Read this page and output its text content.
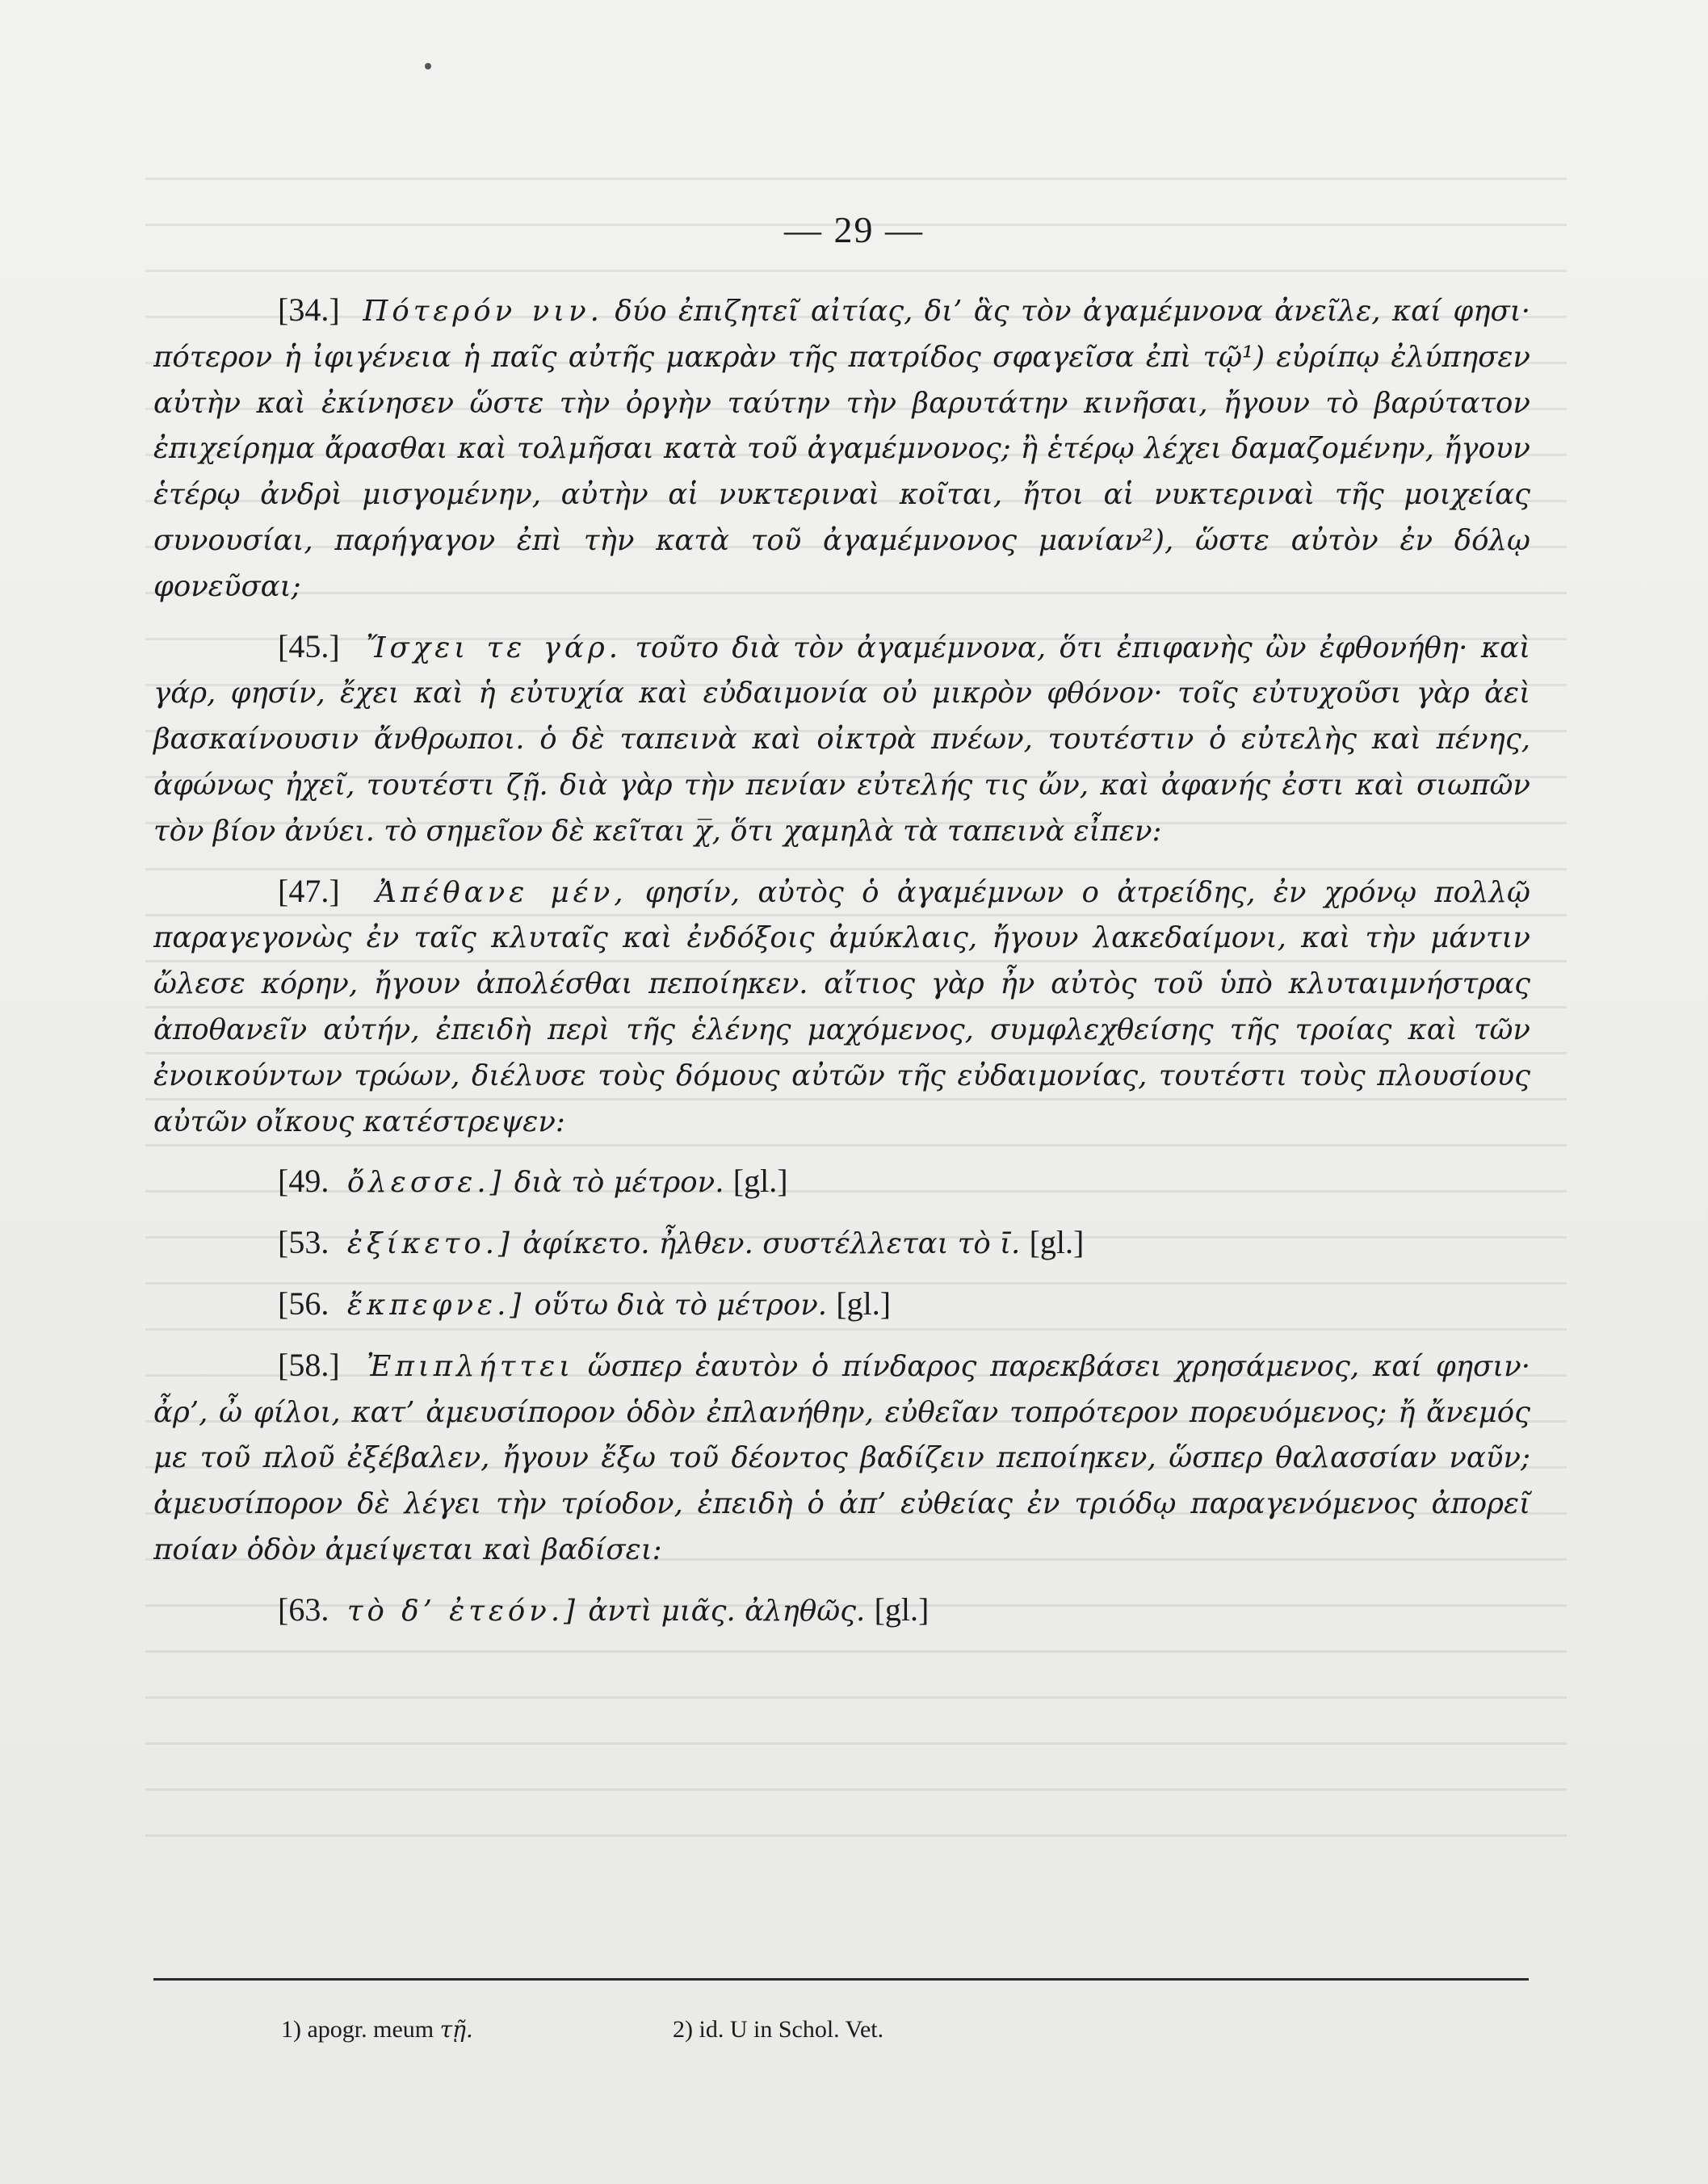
— 29 —

[34.] Πότερόν νιν. δύο ἐπιζητεῖ αἰτίας, δι’ ἃς τὸν ἀγαμέμνονα ἀνεῖλε, καί φησι· πότερον ἡ ἰφιγένεια ἡ παῖς αὐτῆς μακρὰν τῆς πατρίδος σφαγεῖσα ἐπὶ τῷ¹) εὐρίπῳ ἐλύπησεν αὐτὴν καὶ ἐκίνησεν ὥστε τὴν ὀργὴν ταύτην τὴν βαρυτάτην κινῆσαι, ἤγουν τὸ βαρύτατον ἐπιχείρημα ἄρασθαι καὶ τολμῆσαι κατὰ τοῦ ἀγαμέμνονος; ἢ ἑτέρῳ λέχει δαμαζομένην, ἤγουν ἑτέρῳ ἀνδρὶ μισγομένην, αὐτὴν αἱ νυκτεριναὶ κοῖται, ἤτοι αἱ νυκτεριναὶ τῆς μοιχείας συνουσίαι, παρήγαγον ἐπὶ τὴν κατὰ τοῦ ἀγαμέμνονος μανίαν²), ὥστε αὐτὸν ἐν δόλῳ φονεῦσαι;

[45.] Ἴσχει τε γάρ. τοῦτο διὰ τὸν ἀγαμέμνονα, ὅτι ἐπιφανὴς ὢν ἐφθονήθη· καὶ γάρ, φησίν, ἔχει καὶ ἡ εὐτυχία καὶ εὐδαιμονία οὐ μικρὸν φθόνον· τοῖς εὐτυχοῦσι γὰρ ἀεὶ βασκαίνουσιν ἄνθρωποι. ὁ δὲ ταπεινὰ καὶ οἰκτρὰ πνέων, τουτέστιν ὁ εὐτελὴς καὶ πένης, ἀφώνως ἠχεῖ, τουτέστι ζῇ. διὰ γὰρ τὴν πενίαν εὐτελής τις ὤν, καὶ ἀφανής ἐστι καὶ σιωπῶν τὸν βίον ἀνύει. τὸ σημεῖον δὲ κεῖται χ̅, ὅτι χαμηλὰ τὰ ταπεινὰ εἶπεν:

[47.] Ἀπέθανε μέν, φησίν, αὐτὸς ὁ ἀγαμέμνων ο ἀτρείδης, ἐν χρόνῳ πολλῷ παραγεγονὼς ἐν ταῖς κλυταῖς καὶ ἐνδόξοις ἀμύκλαις, ἤγουν λακεδαίμονι, καὶ τὴν μάντιν ὤλεσε κόρην, ἤγουν ἀπολέσθαι πεποίηκεν. αἴτιος γὰρ ἦν αὐτὸς τοῦ ὑπὸ κλυταιμνήστρας ἀποθανεῖν αὐτήν, ἐπειδὴ περὶ τῆς ἑλένης μαχόμενος, συμφλεχθείσης τῆς τροίας καὶ τῶν ἐνοικούντων τρώων, διέλυσε τοὺς δόμους αὐτῶν τῆς εὐδαιμονίας, τουτέστι τοὺς πλουσίους αὐτῶν οἴκους κατέστρεψεν:

[49. ὄλεσσε.] διὰ τὸ μέτρον. [gl.]

[53. ἐξίκετο.] ἀφίκετο. ἦλθεν. συστέλλεται τὸ ῑ. [gl.]

[56. ἔκπεφνε.] οὕτω διὰ τὸ μέτρον. [gl.]

[58.] Ἐπιπλήττει ὥσπερ ἑαυτὸν ὁ πίνδαρος παρεκβάσει χρησάμενος, καί φησιν· ἆρ’, ὦ φίλοι, κατ’ ἀμευσίπορον ὁδὸν ἐπλανήθην, εὐθεῖαν τοπρότερον πορευόμενος; ἤ ἄνεμός με τοῦ πλοῦ ἐξέβαλεν, ἤγουν ἔξω τοῦ δέοντος βαδίζειν πεποίηκεν, ὥσπερ θαλασσίαν ναῦν; ἀμευσίπορον δὲ λέγει τὴν τρίοδον, ἐπειδὴ ὁ ἀπ’ εὐθείας ἐν τριόδῳ παραγενόμενος ἀπορεῖ ποίαν ὁδὸν ἀμείψεται καὶ βαδίσει:

[63. τὸ δ’ ἐτεόν.] ἀντὶ μιᾶς. ἀληθῶς. [gl.]

1) apogr. meum τῇ.	2) id. U in Schol. Vet.
